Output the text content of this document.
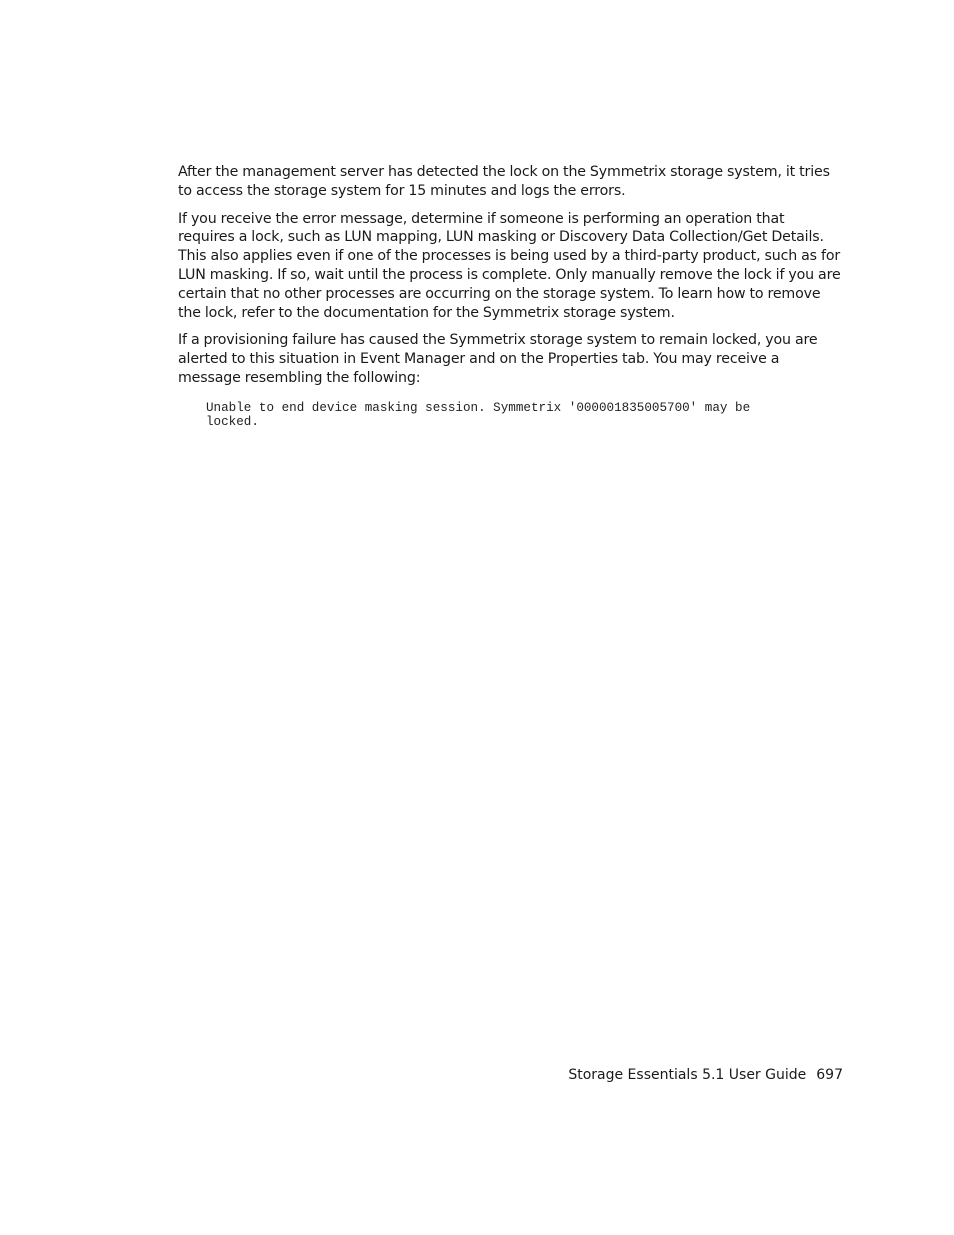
After the management server has detected the lock on the Symmetrix storage system, it tries to access the storage system for 15 minutes and logs the errors.

If you receive the error message, determine if someone is performing an operation that requires a lock, such as LUN mapping, LUN masking or Discovery Data Collection/Get Details. This also applies even if one of the processes is being used by a third-party product, such as for LUN masking. If so, wait until the process is complete. Only manually remove the lock if you are certain that no other processes are occurring on the storage system. To learn how to remove the lock, refer to the documentation for the Symmetrix storage system.

If a provisioning failure has caused the Symmetrix storage system to remain locked, you are alerted to this situation in Event Manager and on the Properties tab. You may receive a message resembling the following:

Unable to end device masking session. Symmetrix '000001835005700' may be
locked.
Storage Essentials 5.1 User Guide 697
